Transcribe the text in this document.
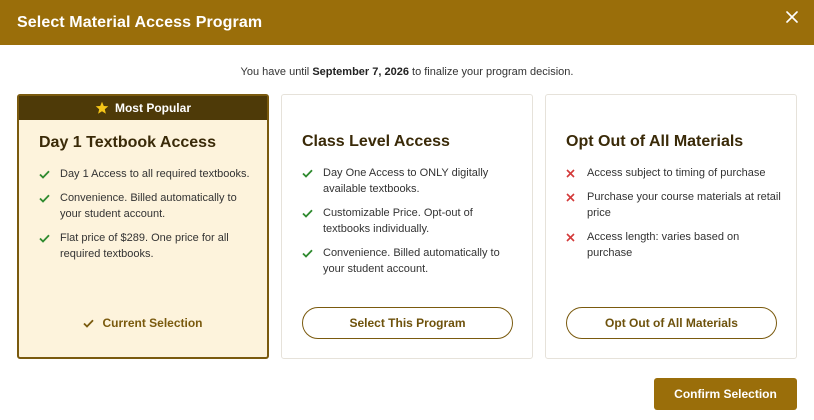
Select Material Access Program
You have until September 7, 2026 to finalize your program decision.
Most Popular
Day 1 Textbook Access
Day 1 Access to all required textbooks.
Convenience. Billed automatically to your student account.
Flat price of $289. One price for all required textbooks.
Current Selection
Class Level Access
Day One Access to ONLY digitally available textbooks.
Customizable Price. Opt-out of textbooks individually.
Convenience. Billed automatically to your student account.
Select This Program
Opt Out of All Materials
Access subject to timing of purchase
Purchase your course materials at retail price
Access length: varies based on purchase
Opt Out of All Materials
Confirm Selection
